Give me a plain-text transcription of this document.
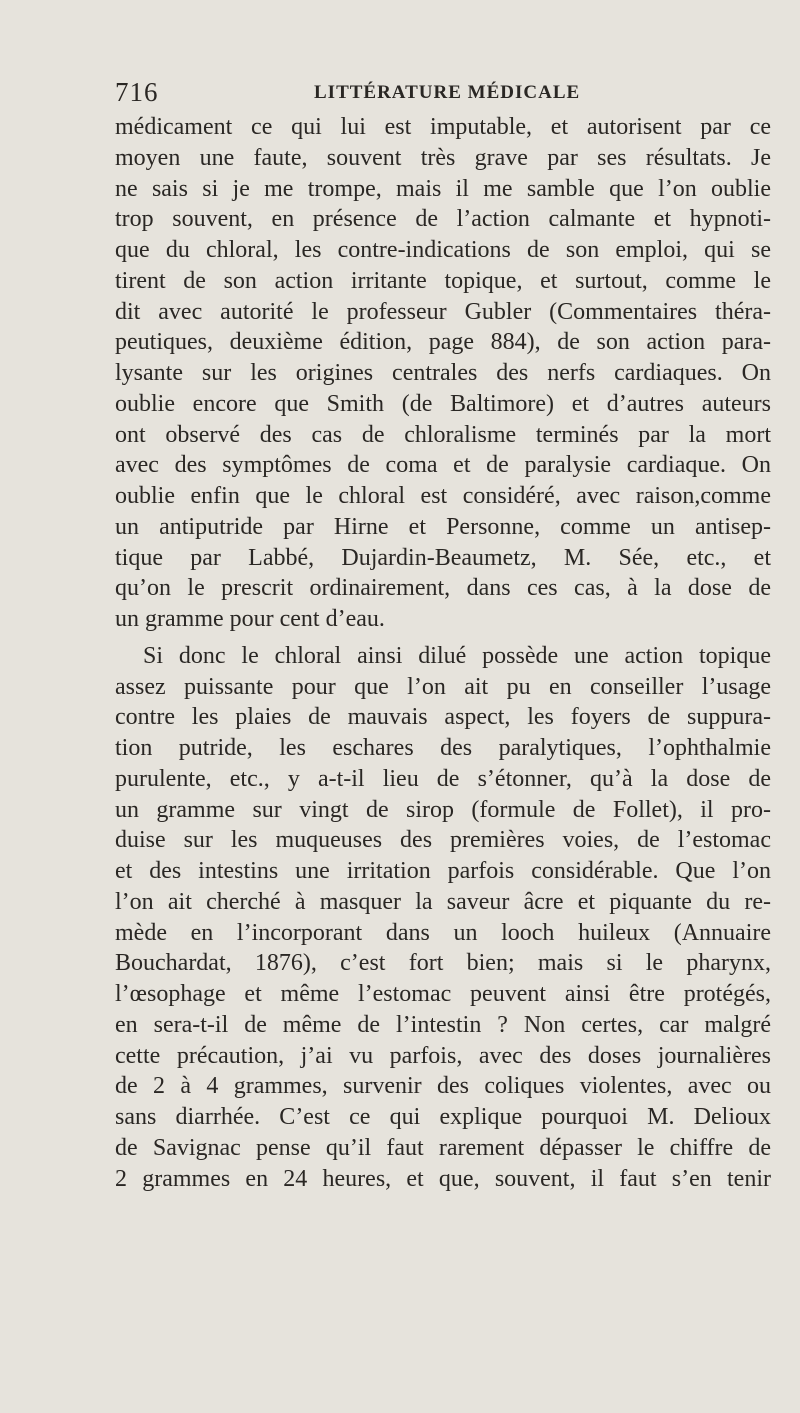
716	LITTÉRATURE MÉDICALE
médicament ce qui lui est imputable, et autorisent par ce
moyen une faute, souvent très grave par ses résultats. Je
ne sais si je me trompe, mais il me samble que l’on oublie
trop souvent, en présence de l’action calmante et hypnoti-
que du chloral, les contre-indications de son emploi, qui se
tirent de son action irritante topique, et surtout, comme le
dit avec autorité le professeur Gubler (Commentaires théra-
peutiques, deuxième édition, page 884), de son action para-
lysante sur les origines centrales des nerfs cardiaques. On
oublie encore que Smith (de Baltimore) et d’autres auteurs
ont observé des cas de chloralisme terminés par la mort
avec des symptômes de coma et de paralysie cardiaque. On
oublie enfin que le chloral est considéré, avec raison,comme
un antiputride par Hirne et Personne, comme un antisep-
tique par Labbé, Dujardin-Beaumetz, M. Sée, etc., et
qu’on le prescrit ordinairement, dans ces cas, à la dose de
un gramme pour cent d’eau.
Si donc le chloral ainsi dilué possède une action topique
assez puissante pour que l’on ait pu en conseiller l’usage
contre les plaies de mauvais aspect, les foyers de suppura-
tion putride, les eschares des paralytiques, l’ophthalmie
purulente, etc., y a-t-il lieu de s’étonner, qu’à la dose de
un gramme sur vingt de sirop (formule de Follet), il pro-
duise sur les muqueuses des premières voies, de l’estomac
et des intestins une irritation parfois considérable. Que l’on
l’on ait cherché à masquer la saveur âcre et piquante du re-
mède en l’incorporant dans un looch huileux (Annuaire
Bouchardat, 1876), c’est fort bien; mais si le pharynx,
l’œsophage et même l’estomac peuvent ainsi être protégés,
en sera-t-il de même de l’intestin ? Non certes, car malgré
cette précaution, j’ai vu parfois, avec des doses journalières
de 2 à 4 grammes, survenir des coliques violentes, avec ou
sans diarrhée. C’est ce qui explique pourquoi M. Delioux
de Savignac pense qu’il faut rarement dépasser le chiffre de
2 grammes en 24 heures, et que, souvent, il faut s’en tenir
